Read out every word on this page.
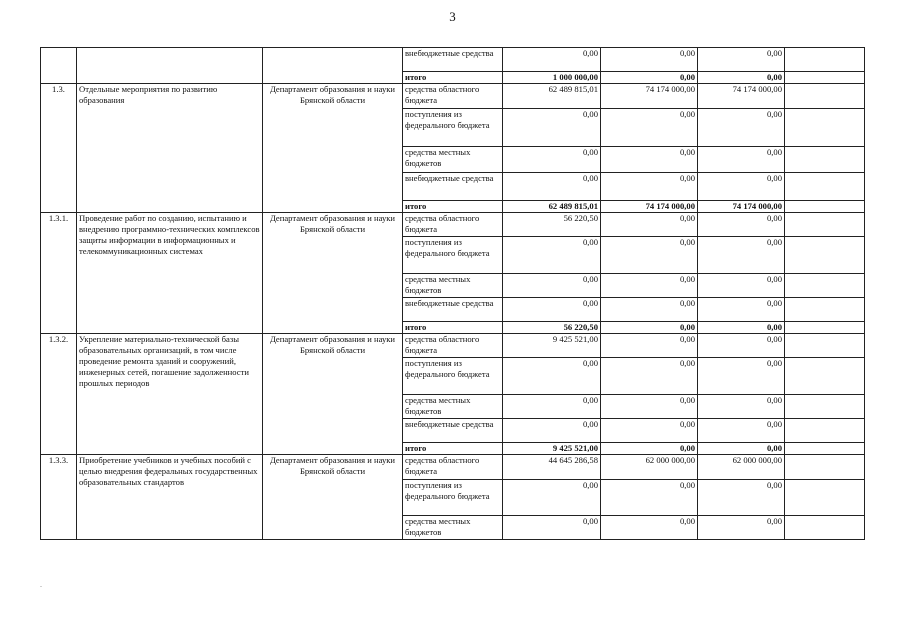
3
			внебюджетные средства	0,00	0,00	0,00	
			итого	1 000 000,00	0,00	0,00	
1.3.	Отдельные мероприятия по развитию образования	Департамент образования и науки Брянской области	средства областного бюджета	62 489 815,01	74 174 000,00	74 174 000,00	
			поступления из федерального бюджета	0,00	0,00	0,00	
			средства местных бюджетов	0,00	0,00	0,00	
			внебюджетные средства	0,00	0,00	0,00	
			итого	62 489 815,01	74 174 000,00	74 174 000,00	
1.3.1.	Проведение работ по созданию, испытанию и внедрению программно-технических комплексов защиты информации в информационных и телекоммуникационных системах	Департамент образования и науки Брянской области	средства областного бюджета	56 220,50	0,00	0,00	
			поступления из федерального бюджета	0,00	0,00	0,00	
			средства местных бюджетов	0,00	0,00	0,00	
			внебюджетные средства	0,00	0,00	0,00	
			итого	56 220,50	0,00	0,00	
1.3.2.	Укрепление материально-технической базы образовательных организаций, в том числе проведение ремонта зданий и сооружений, инженерных сетей, погашение задолженности прошлых периодов	Департамент образования и науки Брянской области	средства областного бюджета	9 425 521,00	0,00	0,00	
			поступления из федерального бюджета	0,00	0,00	0,00	
			средства местных бюджетов	0,00	0,00	0,00	
			внебюджетные средства	0,00	0,00	0,00	
			итого	9 425 521,00	0,00	0,00	
1.3.3.	Приобретение учебников и учебных пособий с целью внедрения федеральных государственных образовательных стандартов	Департамент образования и науки Брянской области	средства областного бюджета	44 645 286,58	62 000 000,00	62 000 000,00	
			поступления из федерального бюджета	0,00	0,00	0,00	
			средства местных бюджетов	0,00	0,00	0,00	
.
